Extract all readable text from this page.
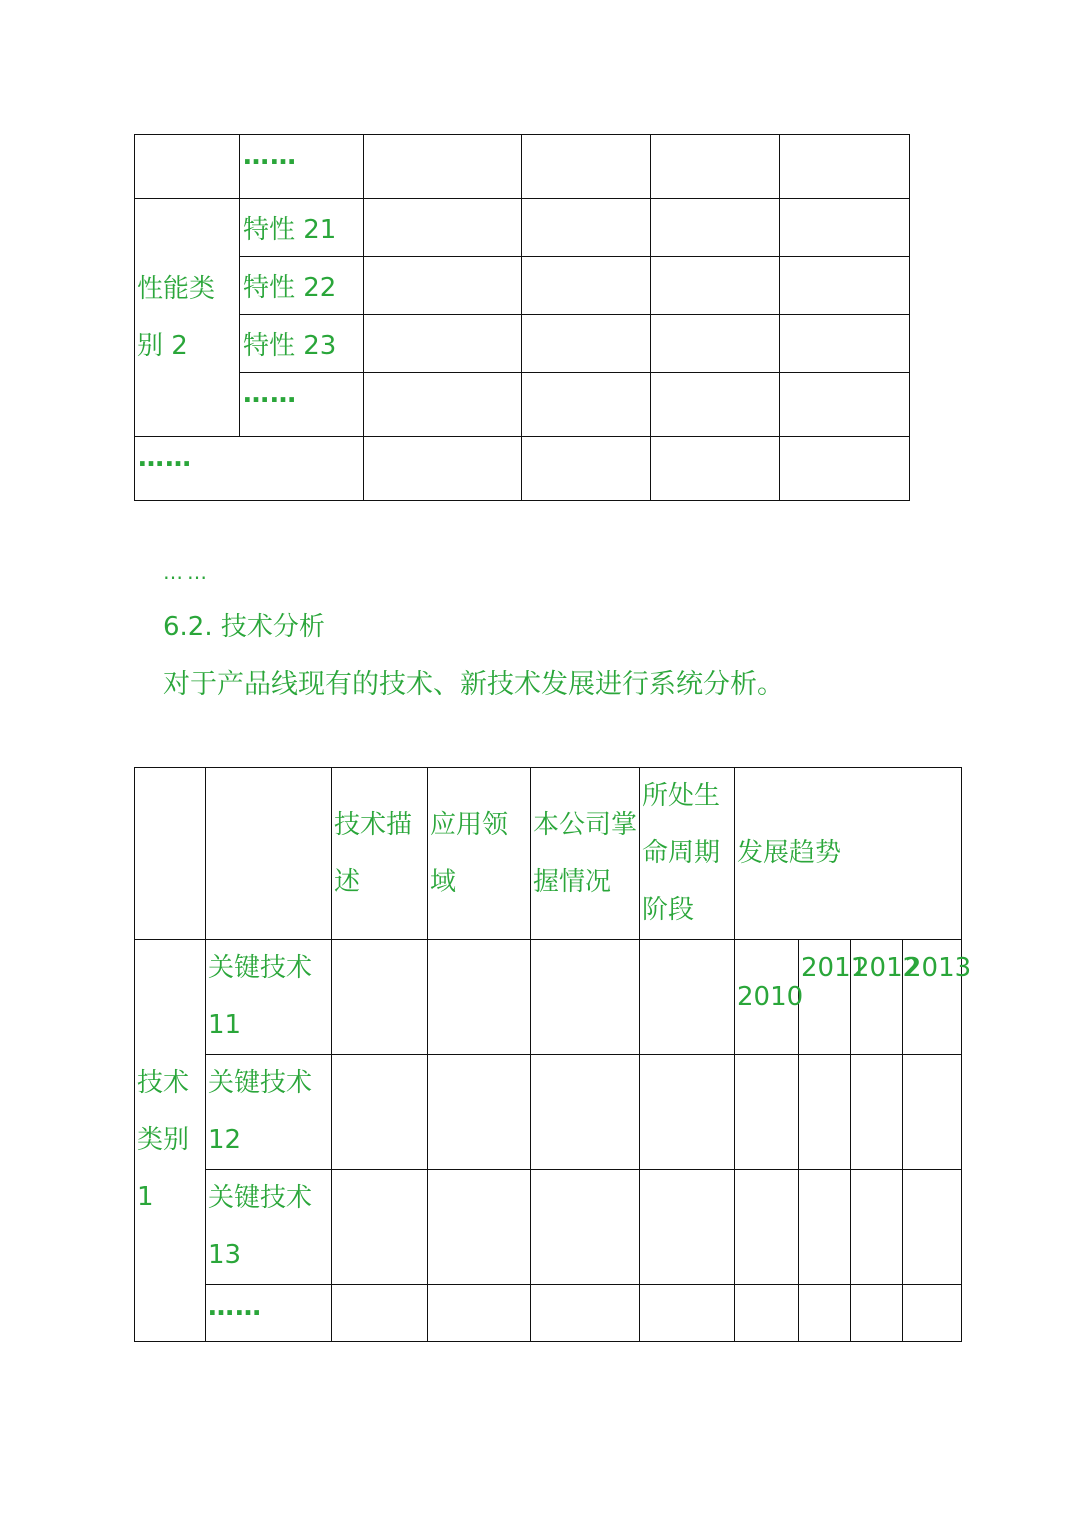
	……				
性能类别 2	特性 21				
	特性 22				
	特性 23				
	……				
……					

……

6.2. 技术分析

对于产品线现有的技术、新技术发展进行系统分析。

		技术描述	应用领域	本公司掌握情况	所处生命周期阶段	发展趋势			
技术类别1	关键技术11					2010	2011	2012	2013
	关键技术12								
	关键技术13								
	……								
